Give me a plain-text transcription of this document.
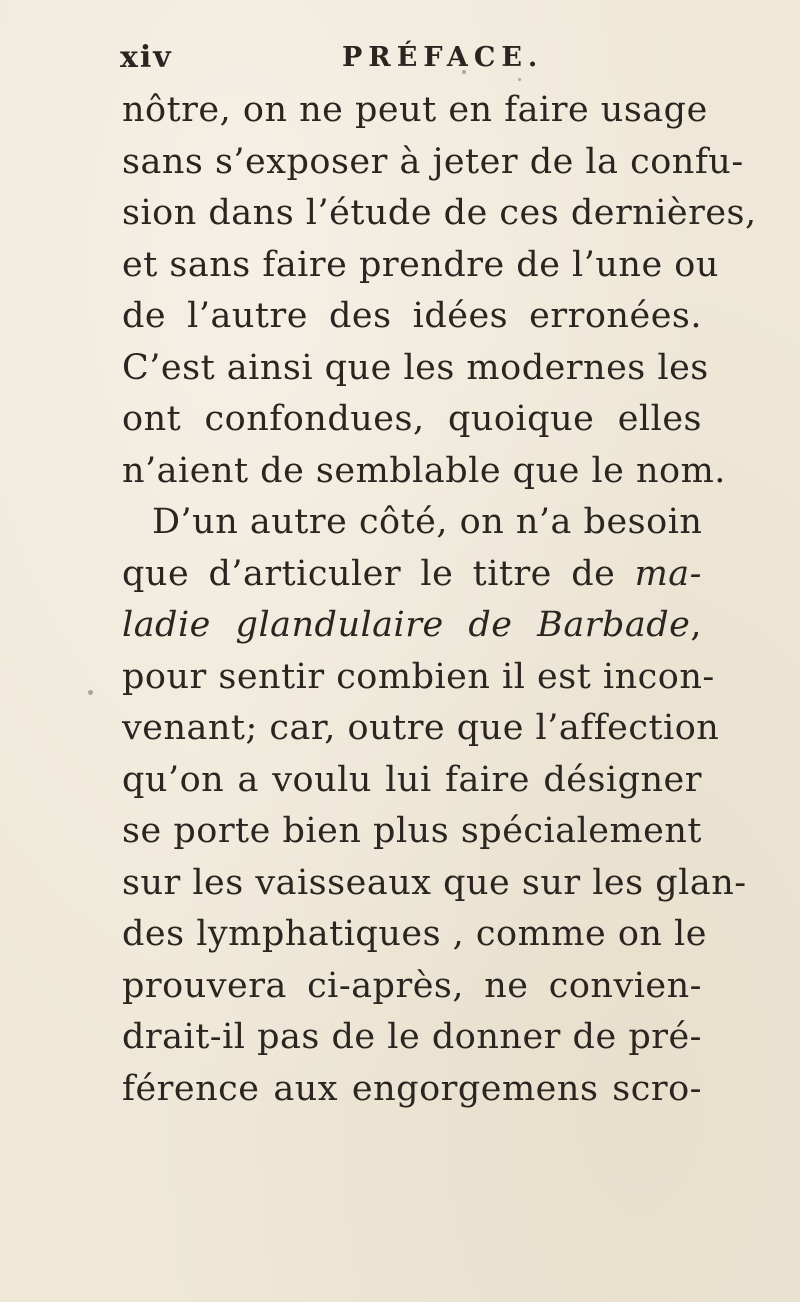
xiv	PRÉFACE.
nôtre, on ne peut en faire usage
sans s’exposer à jeter de la confu-
sion dans l’étude de ces dernières,
et sans faire prendre de l’une ou
de l’autre des idées erronées.
C’est ainsi que les modernes les
ont confondues, quoique elles
n’aient de semblable que le nom.
D’un autre côté, on n’a besoin
que d’articuler le titre de ma-
ladie glandulaire de Barbade,
pour sentir combien il est incon-
venant; car, outre que l’affection
qu’on a voulu lui faire désigner
se porte bien plus spécialement
sur les vaisseaux que sur les glan-
des lymphatiques , comme on le
prouvera ci-après, ne convien-
drait-il pas de le donner de pré-
férence aux engorgemens scro-
